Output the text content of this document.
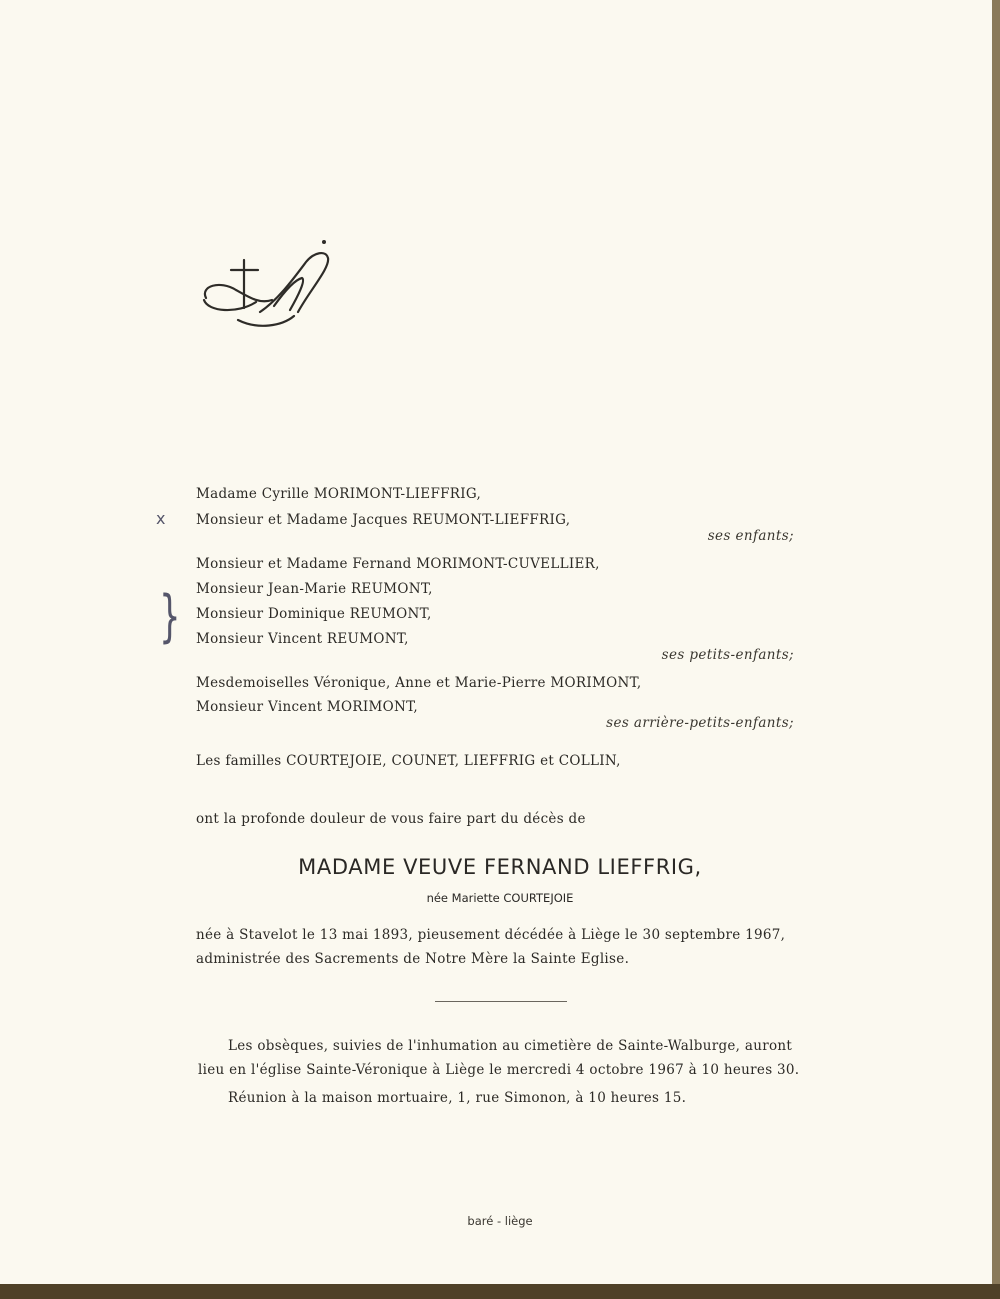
Madame Cyrille MORIMONT-LIEFFRIG,
x Monsieur et Madame Jacques REUMONT-LIEFFRIG,
ses enfants;
Monsieur et Madame Fernand MORIMONT-CUVELLIER,
Monsieur Jean-Marie REUMONT,
} Monsieur Dominique REUMONT,
Monsieur Vincent REUMONT,
ses petits-enfants;
Mesdemoiselles Véronique, Anne et Marie-Pierre MORIMONT,
Monsieur Vincent MORIMONT,
ses arrière-petits-enfants;
Les familles COURTEJOIE, COUNET, LIEFFRIG et COLLIN,
ont la profonde douleur de vous faire part du décès de
MADAME VEUVE FERNAND LIEFFRIG,
née Mariette COURTEJOIE
née à Stavelot le 13 mai 1893, pieusement décédée à Liège le 30 septembre 1967,
administrée des Sacrements de Notre Mère la Sainte Eglise.
Les obsèques, suivies de l'inhumation au cimetière de Sainte-Walburge, auront
lieu en l'église Sainte-Véronique à Liège le mercredi 4 octobre 1967 à 10 heures 30.
Réunion à la maison mortuaire, 1, rue Simonon, à 10 heures 15.
baré - liège
